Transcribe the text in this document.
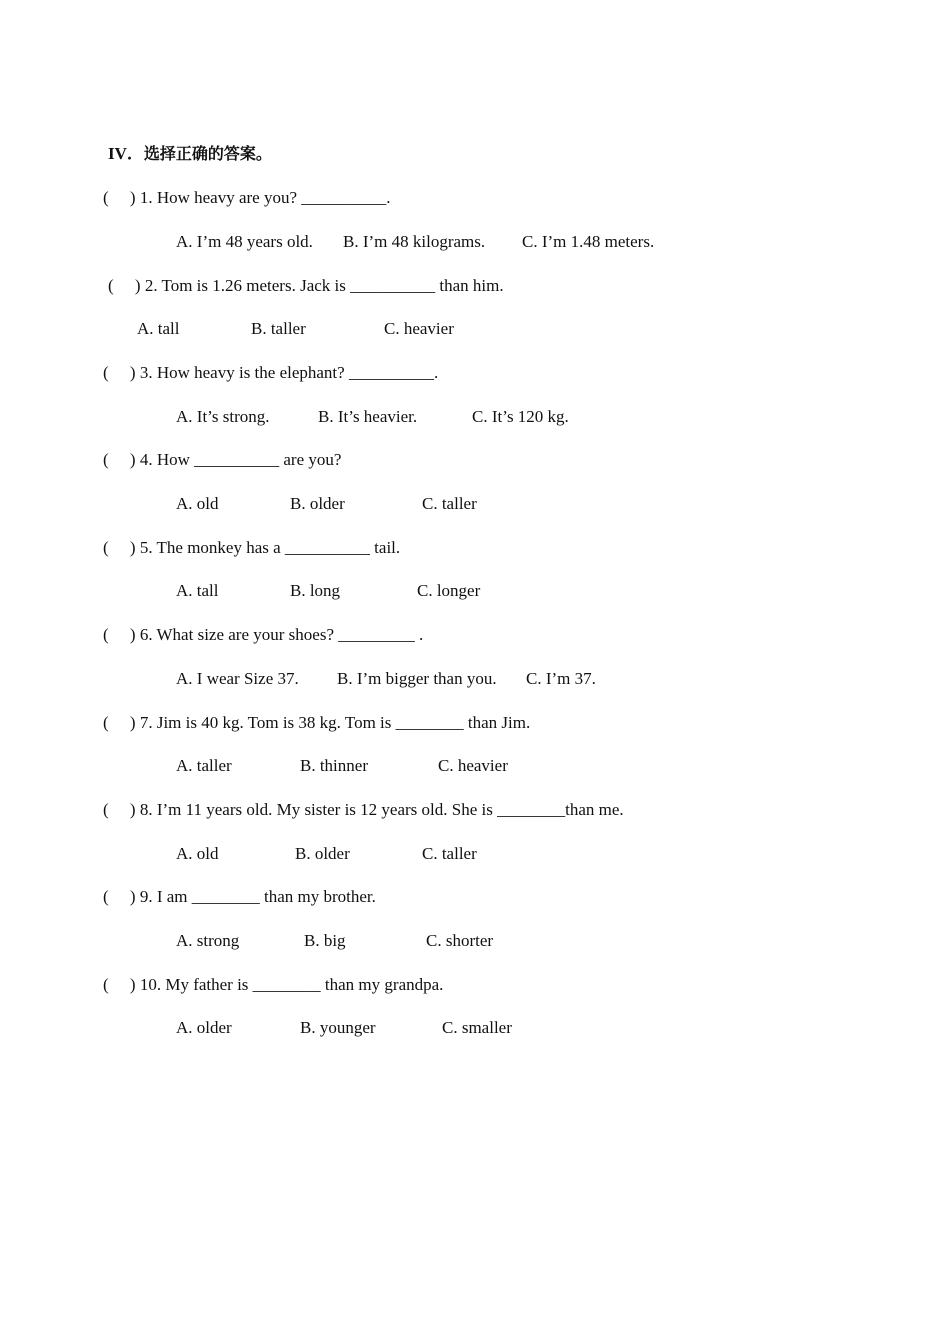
IV．选择正确的答案。
(     ) 1. How heavy are you? __________.
A. I’m 48 years old. B. I’m 48 kilograms. C. I’m 1.48 meters.
(     ) 2. Tom is 1.26 meters. Jack is __________ than him.
A. tall	B. taller	C. heavier
(     ) 3. How heavy is the elephant? __________.
A. It’s strong.	B. It’s heavier.	C. It’s 120 kg.
(     ) 4. How __________ are you?
A. old	B. older	C. taller
(     ) 5. The monkey has a __________ tail.
A. tall	B. long	C. longer
(     ) 6. What size are your shoes? _________ .
A. I wear Size 37. B. I’m bigger than you. C. I’m 37.
(     ) 7. Jim is 40 kg. Tom is 38 kg. Tom is ________ than Jim.
A. taller	B. thinner	C. heavier
(     ) 8. I’m 11 years old. My sister is 12 years old. She is ________than me.
A. old	B. older	C. taller
(     ) 9. I am ________ than my brother.
A. strong	B. big	C. shorter
(     ) 10. My father is ________ than my grandpa.
A. older	B. younger	C. smaller
